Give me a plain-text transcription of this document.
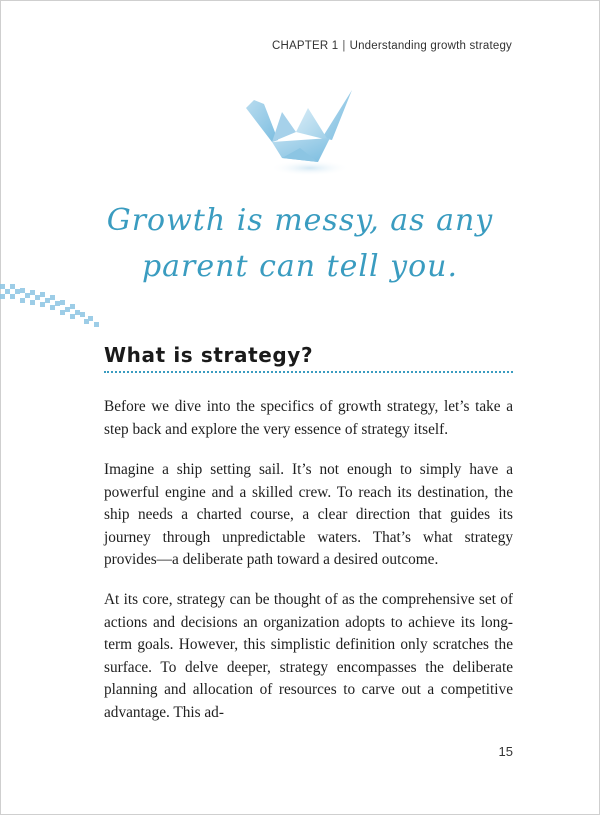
CHAPTER 1 | Understanding growth strategy
Growth is messy, as any
parent can tell you.
What is strategy?

Before we dive into the specifics of growth strategy, let’s take a step back and explore the very essence of strategy itself.

Imagine a ship setting sail. It’s not enough to simply have a powerful engine and a skilled crew. To reach its destination, the ship needs a charted course, a clear direction that guides its journey through unpredictable waters. That’s what strategy provides—a deliberate path toward a desired outcome.

At its core, strategy can be thought of as the comprehensive set of actions and decisions an organization adopts to achieve its long-term goals. However, this simplistic definition only scratches the surface. To delve deeper, strategy encompasses the deliberate planning and allocation of resources to carve out a competitive advantage. This ad-

15
